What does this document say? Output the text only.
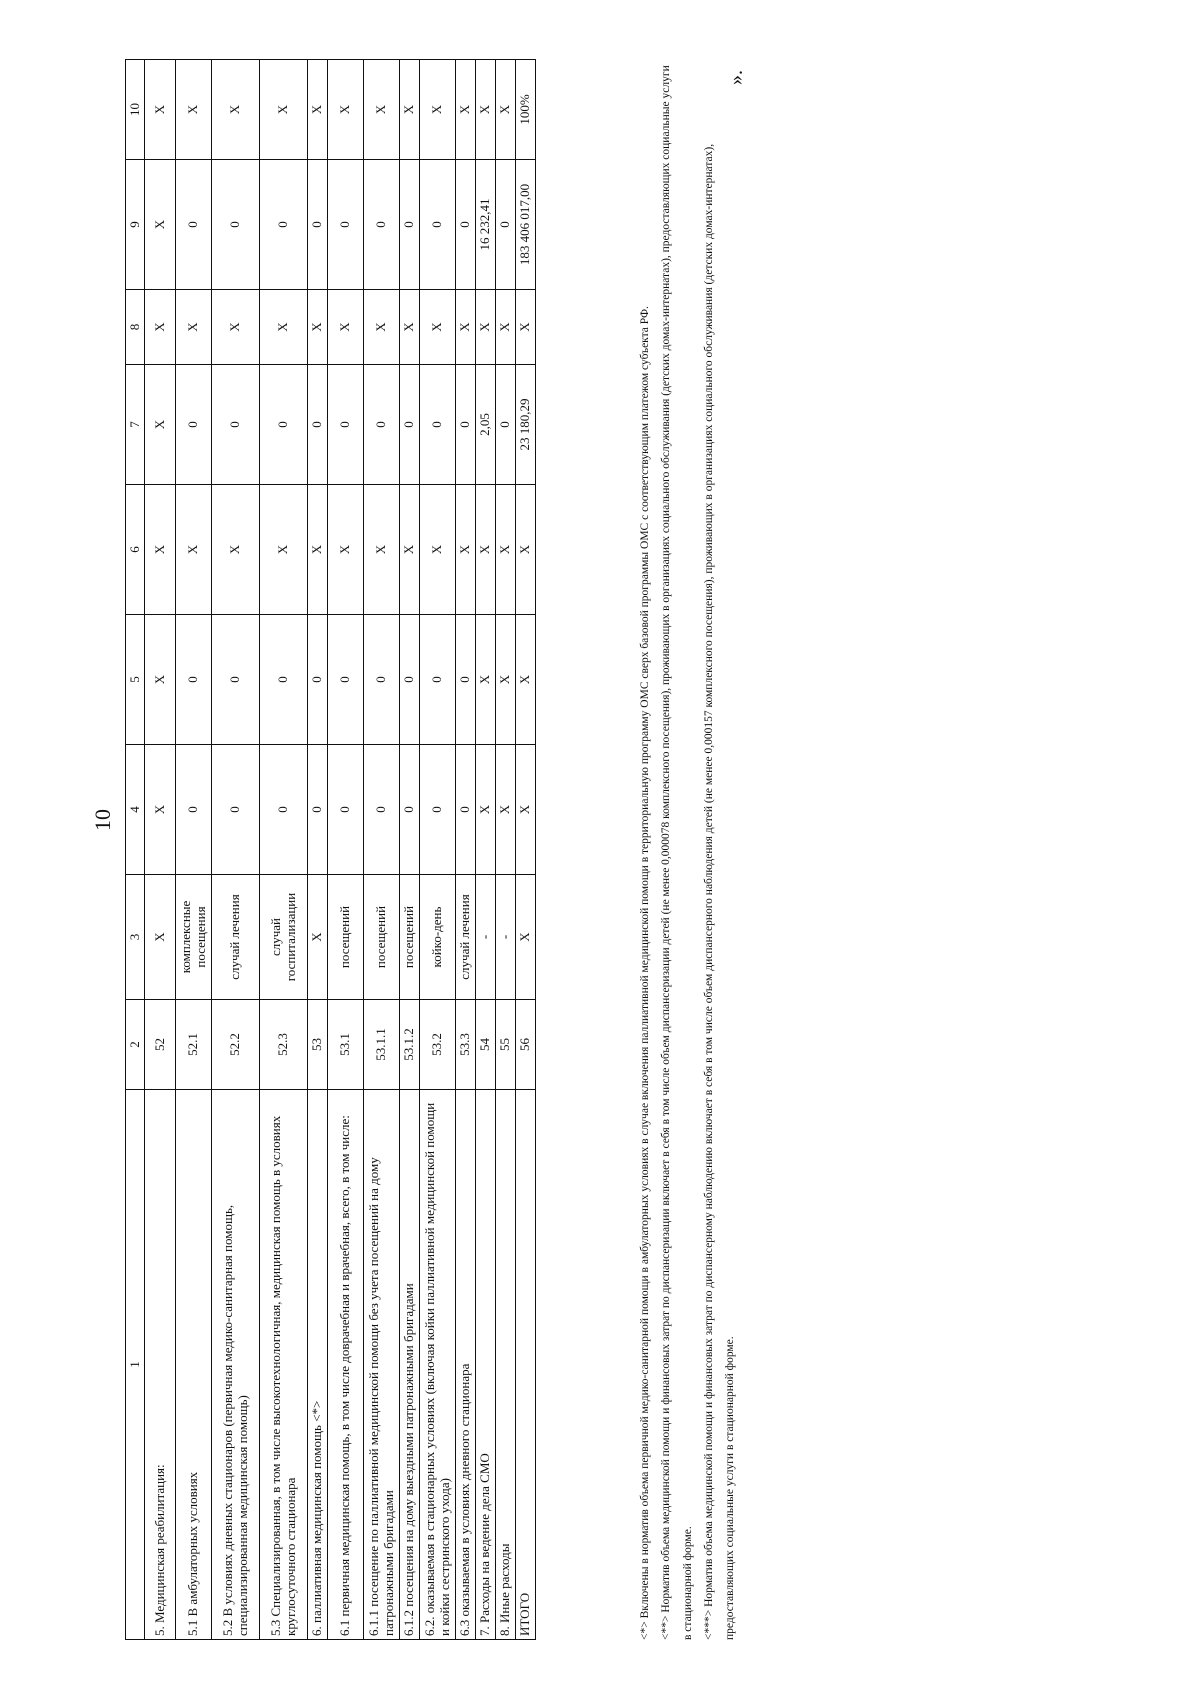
10
1	2	3	4	5	6	7	8	9	10
5. Медицинская реабилитация:	52	Х	Х	Х	Х	Х	Х	Х	Х
5.1 В амбулаторных условиях	52.1	комплексные посещения	0	0	Х	0	Х	0	Х
5.2 В условиях дневных стационаров (первичная медико-санитарная помощь, специализированная медицинская помощь)	52.2	случай лечения	0	0	Х	0	Х	0	Х
5.3 Специализированная, в том числе высокотехнологичная, медицинская помощь в условиях круглосуточного стационара	52.3	случай госпитализации	0	0	Х	0	Х	0	Х
6. паллиативная медицинская помощь <*>	53	Х	0	0	Х	0	Х	0	Х
6.1 первичная медицинская помощь, в том числе доврачебная и врачебная, всего, в том числе:	53.1	посещений	0	0	Х	0	Х	0	Х
6.1.1 посещение по паллиативной медицинской помощи без учета посещений на дому патронажными бригадами	53.1.1	посещений	0	0	Х	0	Х	0	Х
6.1.2 посещения на дому выездными патронажными бригадами	53.1.2	посещений	0	0	Х	0	Х	0	Х
6.2. оказываемая в стационарных условиях (включая койки паллиативной медицинской помощи и койки сестринского ухода)	53.2	койко-день	0	0	Х	0	Х	0	Х
6.3 оказываемая в условиях дневного стационара	53.3	случай лечения	0	0	Х	0	Х	0	Х
7. Расходы на ведение дела СМО	54	-	Х	Х	Х	2,05	Х	16 232,41	Х
8. Иные расходы	55	-	Х	Х	Х	0	Х	0	Х
ИТОГО	56	Х	Х	Х	Х	23 180,29	Х	183 406 017,00	100%

<*> Включены в норматив объема первичной медико-санитарной помощи в амбулаторных условиях в случае включения паллиативной медицинской помощи в территориальную программу ОМС сверх базовой программы ОМС с соответствующим платежом субъекта РФ. <**> Норматив объема медицинской помощи и финансовых затрат по диспансеризации включает в себя в том числе объем диспансеризации детей (не менее 0,000078 комплексного посещения), проживающих в организациях социального обслуживания (детских домах-интернатах), предоставляющих социальные услуги в стационарной форме. <***> Норматив объема медицинской помощи и финансовых затрат по диспансерному наблюдению включает в себя в том числе объем диспансерного наблюдения детей (не менее 0,000157 комплексного посещения), проживающих в организациях социального обслуживания (детских домах-интернатах), предоставляющих социальные услуги в стационарной форме.

».
